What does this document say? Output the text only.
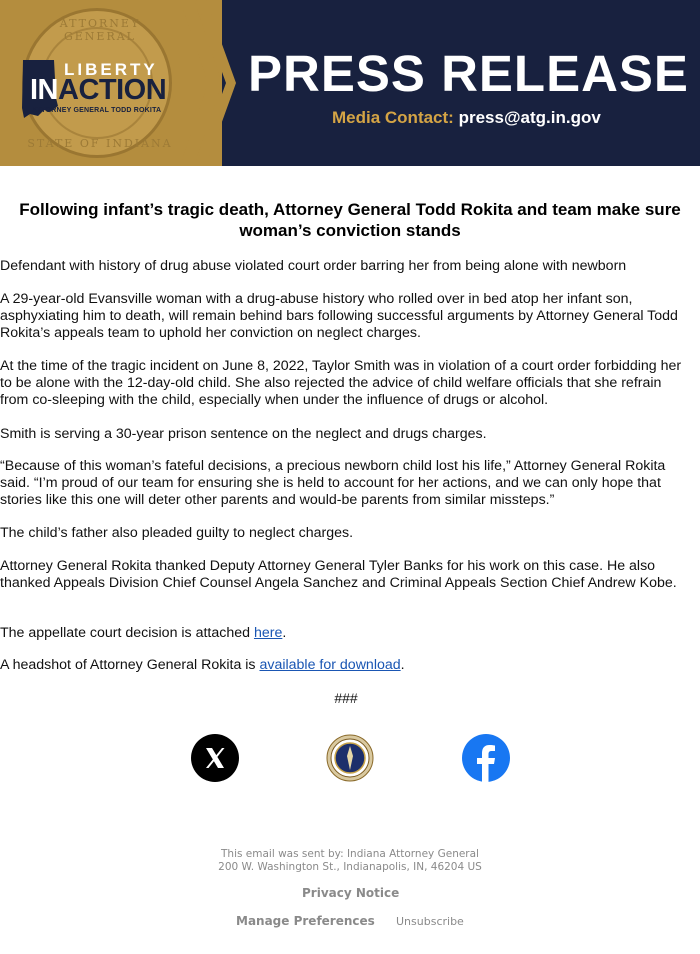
ATTORNEY GENERAL
STATE OF INDIANA
LIBERTY
INACTION
ATTORNEY GENERAL TODD ROKITA
PRESS RELEASE
Media Contact: press@atg.in.gov
Following infant’s tragic death, Attorney General Todd Rokita and team make sure woman’s conviction stands

Defendant with history of drug abuse violated court order barring her from being alone with newborn

A 29-year-old Evansville woman with a drug-abuse history who rolled over in bed atop her infant son, asphyxiating him to death, will remain behind bars following successful arguments by Attorney General Todd Rokita’s appeals team to uphold her conviction on neglect charges.

At the time of the tragic incident on June 8, 2022, Taylor Smith was in violation of a court order forbidding her to be alone with the 12-day-old child. She also rejected the advice of child welfare officials that she refrain from co-sleeping with the child, especially when under the influence of drugs or alcohol.

Smith is serving a 30-year prison sentence on the neglect and drugs charges.

“Because of this woman’s fateful decisions, a precious newborn child lost his life,” Attorney General Rokita said. “I’m proud of our team for ensuring she is held to account for her actions, and we can only hope that stories like this one will deter other parents and would-be parents from similar missteps.”

The child’s father also pleaded guilty to neglect charges.

Attorney General Rokita thanked Deputy Attorney General Tyler Banks for his work on this case. He also thanked Appeals Division Chief Counsel Angela Sanchez and Criminal Appeals Section Chief Andrew Kobe.

The appellate court decision is attached here.

A headshot of Attorney General Rokita is available for download.

###
This email was sent by: Indiana Attorney General
200 W. Washington St., Indianapolis, IN, 46204 US
Privacy Notice
Manage Preferences Unsubscribe
